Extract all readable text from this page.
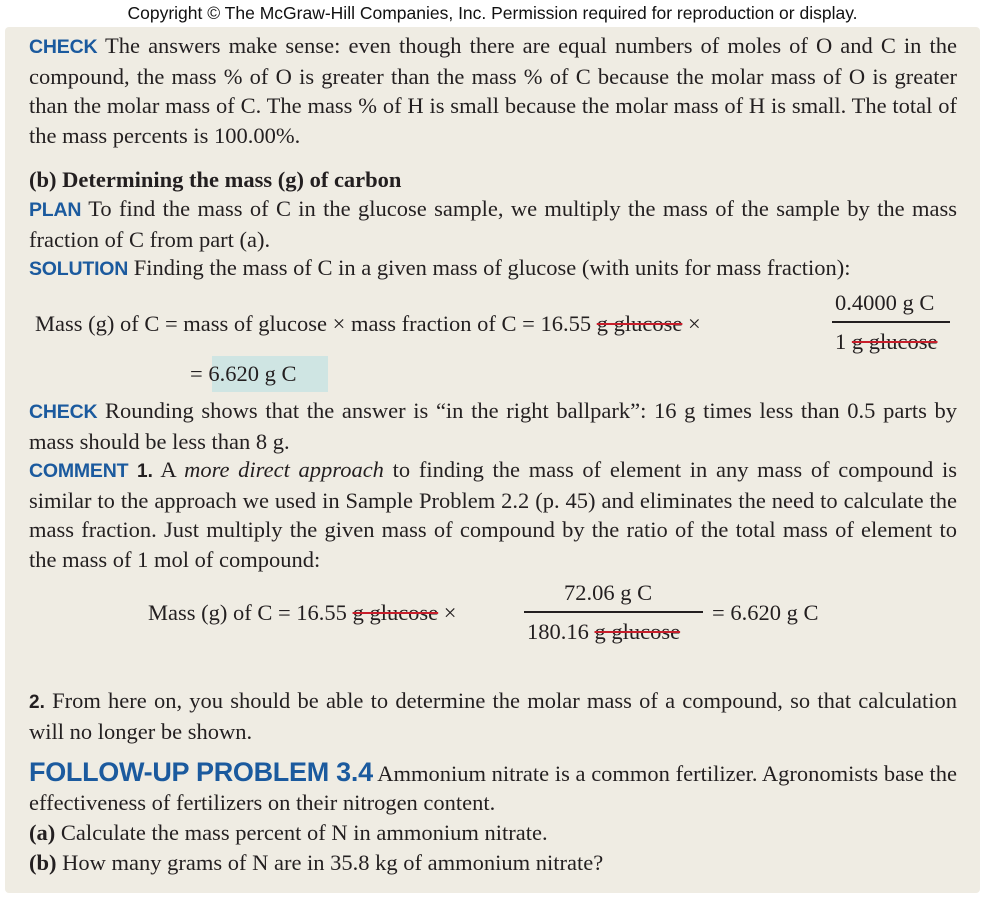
Copyright © The McGraw-Hill Companies, Inc. Permission required for reproduction or display.
CHECK The answers make sense: even though there are equal numbers of moles of O and C in the compound, the mass % of O is greater than the mass % of C because the molar mass of O is greater than the molar mass of C. The mass % of H is small because the molar mass of H is small. The total of the mass percents is 100.00%.
(b) Determining the mass (g) of carbon
PLAN To find the mass of C in the glucose sample, we multiply the mass of the sample by the mass fraction of C from part (a).
SOLUTION Finding the mass of C in a given mass of glucose (with units for mass fraction):
Mass (g) of C = mass of glucose × mass fraction of C = 16.55 g glucose ×
0.4000 g C
1 g glucose
= 6.620 g C
CHECK Rounding shows that the answer is “in the right ballpark”: 16 g times less than 0.5 parts by mass should be less than 8 g.
COMMENT 1. A more direct approach to finding the mass of element in any mass of compound is similar to the approach we used in Sample Problem 2.2 (p. 45) and eliminates the need to calculate the mass fraction. Just multiply the given mass of compound by the ratio of the total mass of element to the mass of 1 mol of compound:
Mass (g) of C = 16.55 g glucose ×
72.06 g C
180.16 g glucose
= 6.620 g C
2. From here on, you should be able to determine the molar mass of a compound, so that calculation will no longer be shown.
FOLLOW-UP PROBLEM 3.4 Ammonium nitrate is a common fertilizer. Agronomists base the effectiveness of fertilizers on their nitrogen content.
(a) Calculate the mass percent of N in ammonium nitrate.
(b) How many grams of N are in 35.8 kg of ammonium nitrate?
